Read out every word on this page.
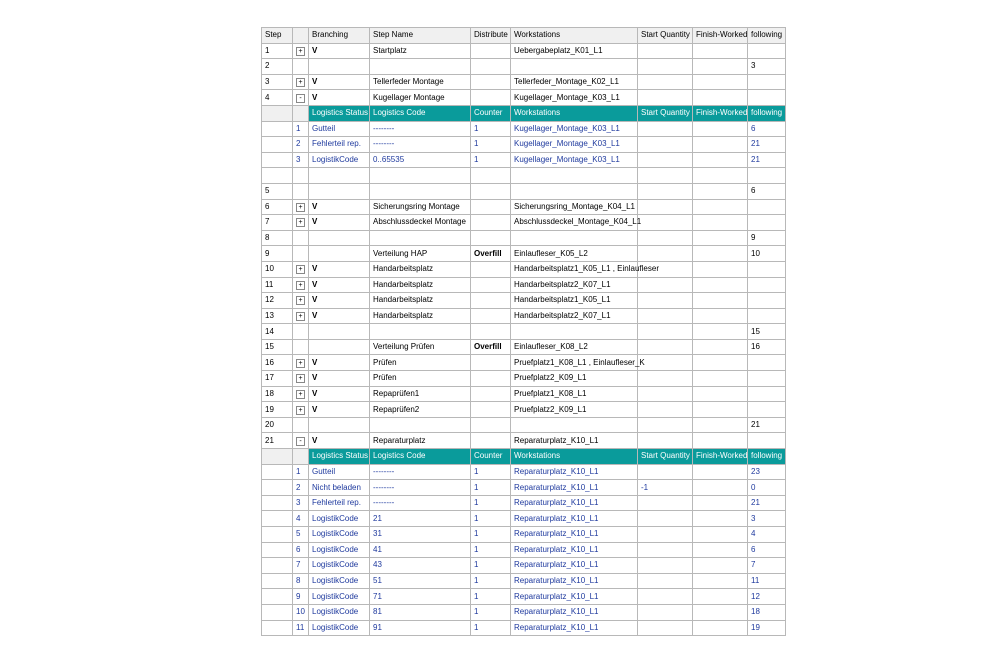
Step		Branching	Step Name	Distribute	Workstations	Start Quantity	Finish-Worked	following
1	+	V	Startplatz		Uebergabeplatz_K01_L1			
2								3
3	+	V	Tellerfeder Montage		Tellerfeder_Montage_K02_L1			
4	-	V	Kugellager Montage		Kugellager_Montage_K03_L1			
		Logistics Status	Logistics Code	Counter	Workstations	Start Quantity	Finish-Worked	following
	1	Gutteil	--------	1	Kugellager_Montage_K03_L1			6
	2	Fehlerteil rep.	--------	1	Kugellager_Montage_K03_L1			21
	3	LogistikCode	0..65535	1	Kugellager_Montage_K03_L1			21

5								6
6	+	V	Sicherungsring Montage		Sicherungsring_Montage_K04_L1			
7	+	V	Abschlussdeckel Montage		Abschlussdeckel_Montage_K04_L1			
8								9
9			Verteilung HAP	Overfill	Einlaufleser_K05_L2			10
10	+	V	Handarbeitsplatz		Handarbeitsplatz1_K05_L1 , Einlaufleser			
11	+	V	Handarbeitsplatz		Handarbeitsplatz2_K07_L1			
12	+	V	Handarbeitsplatz		Handarbeitsplatz1_K05_L1			
13	+	V	Handarbeitsplatz		Handarbeitsplatz2_K07_L1			
14								15
15			Verteilung Prüfen	Overfill	Einlaufleser_K08_L2			16
16	+	V	Prüfen		Pruefplatz1_K08_L1 , Einlaufleser_K			
17	+	V	Prüfen		Pruefplatz2_K09_L1			
18	+	V	Repaprüfen1		Pruefplatz1_K08_L1			
19	+	V	Repaprüfen2		Pruefplatz2_K09_L1			
20								21
21	-	V	Reparaturplatz		Reparaturplatz_K10_L1			
		Logistics Status	Logistics Code	Counter	Workstations	Start Quantity	Finish-Worked	following
	1	Gutteil	--------	1	Reparaturplatz_K10_L1			23
	2	Nicht beladen	--------	1	Reparaturplatz_K10_L1	-1		0
	3	Fehlerteil rep.	--------	1	Reparaturplatz_K10_L1			21
	4	LogistikCode	21	1	Reparaturplatz_K10_L1			3
	5	LogistikCode	31	1	Reparaturplatz_K10_L1			4
	6	LogistikCode	41	1	Reparaturplatz_K10_L1			6
	7	LogistikCode	43	1	Reparaturplatz_K10_L1			7
	8	LogistikCode	51	1	Reparaturplatz_K10_L1			11
	9	LogistikCode	71	1	Reparaturplatz_K10_L1			12
	10	LogistikCode	81	1	Reparaturplatz_K10_L1			18
	11	LogistikCode	91	1	Reparaturplatz_K10_L1			19
